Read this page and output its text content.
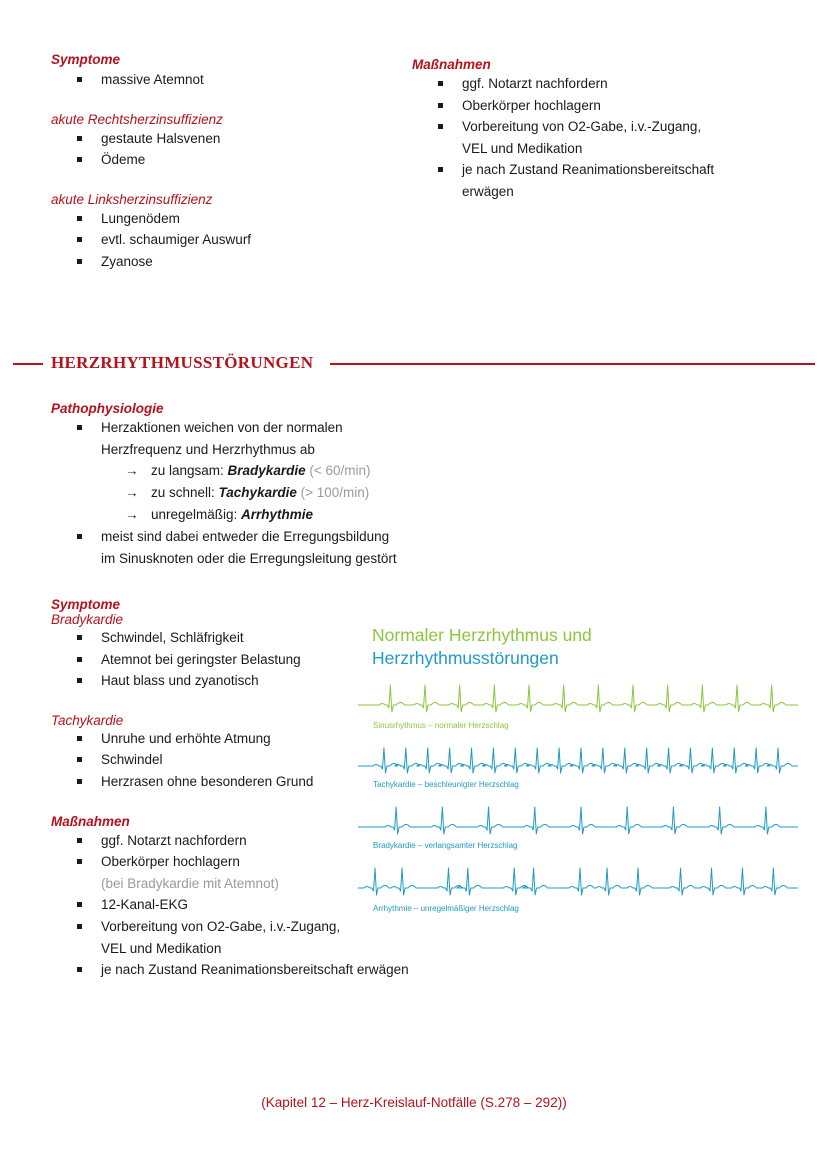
Symptome
massive Atemnot
akute Rechtsherzinsuffizienz
gestaute Halsvenen
Ödeme
akute Linksherzinsuffizienz
Lungenödem
evtl. schaumiger Auswurf
Zyanose
Maßnahmen
ggf. Notarzt nachfordern
Oberkörper hochlagern
Vorbereitung von O2-Gabe, i.v.-Zugang,
VEL und Medikation
je nach Zustand Reanimationsbereitschaft
erwägen
HERZRHYTHMUSSTÖRUNGEN
Pathophysiologie
Herzaktionen weichen von der normalen
Herzfrequenz und Herzrhythmus ab
→ zu langsam: Bradykardie (< 60/min)
→ zu schnell: Tachykardie (> 100/min)
→ unregelmäßig: Arrhythmie
meist sind dabei entweder die Erregungsbildung
im Sinusknoten oder die Erregungsleitung gestört
Symptome
Bradykardie
Schwindel, Schläfrigkeit
Atemnot bei geringster Belastung
Haut blass und zyanotisch
Tachykardie
Unruhe und erhöhte Atmung
Schwindel
Herzrasen ohne besonderen Grund
Maßnahmen
ggf. Notarzt nachfordern
Oberkörper hochlagern
(bei Bradykardie mit Atemnot)
12-Kanal-EKG
Vorbereitung von O2-Gabe, i.v.-Zugang,
VEL und Medikation
je nach Zustand Reanimationsbereitschaft erwägen
Normaler Herzrhythmus und
Herzrhythmusstörungen
Sinusrhythmus – normaler Herzschlag
Tachykardie – beschleunigter Herzschlag
Bradykardie – verlangsamter Herzschlag
Arrhythmie – unregelmäßiger Herzschlag
(Kapitel 12 – Herz-Kreislauf-Notfälle (S.278 – 292))
